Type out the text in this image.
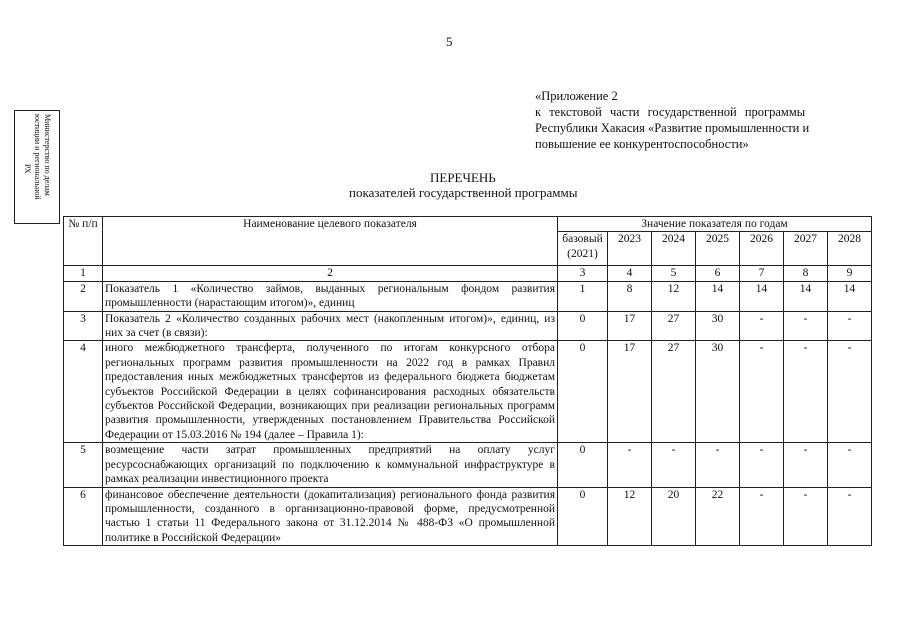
5
«Приложение 2
к текстовой части государственной программы
Республики Хакасия «Развитие промышленности и
повышение ее конкурентоспособности»
Министерство по делам
юстиции и региональной
РХ
ПЕРЕЧЕНЬ
показателей государственной программы
№ п/п	Наименование целевого показателя	Значение показателя по годам						
		базовый (2021)	2023	2024	2025	2026	2027	2028
1	2	3	4	5	6	7	8	9
2	Показатель 1 «Количество займов, выданных региональным фондом развития промышленности (нарастающим итогом)», единиц	1	8	12	14	14	14	14
3	Показатель 2 «Количество созданных рабочих мест (накопленным итогом)», единиц, из них за счет (в связи):	0	17	27	30	-	-	-
4	иного межбюджетного трансферта, полученного по итогам конкурсного отбора региональных программ развития промышленности на 2022 год в рамках Правил предоставления иных межбюджетных трансфертов из федерального бюджета бюджетам субъектов Российской Федерации в целях софинансирования расходных обязательств субъектов Российской Федерации, возникающих при реализации региональных программ развития промышленности, утвержденных постановлением Правительства Российской Федерации от 15.03.2016 № 194 (далее – Правила 1):	0	17	27	30	-	-	-
5	возмещение части затрат промышленных предприятий на оплату услуг ресурсоснабжающих организаций по подключению к коммунальной инфраструктуре в рамках реализации инвестиционного проекта	0	-	-	-	-	-	-
6	финансовое обеспечение деятельности (докапитализация) регионального фонда развития промышленности, созданного в организационно-правовой форме, предусмотренной частью 1 статьи 11 Федерального закона от 31.12.2014 № 488-ФЗ «О промышленной политике в Российской Федерации»	0	12	20	22	-	-	-
